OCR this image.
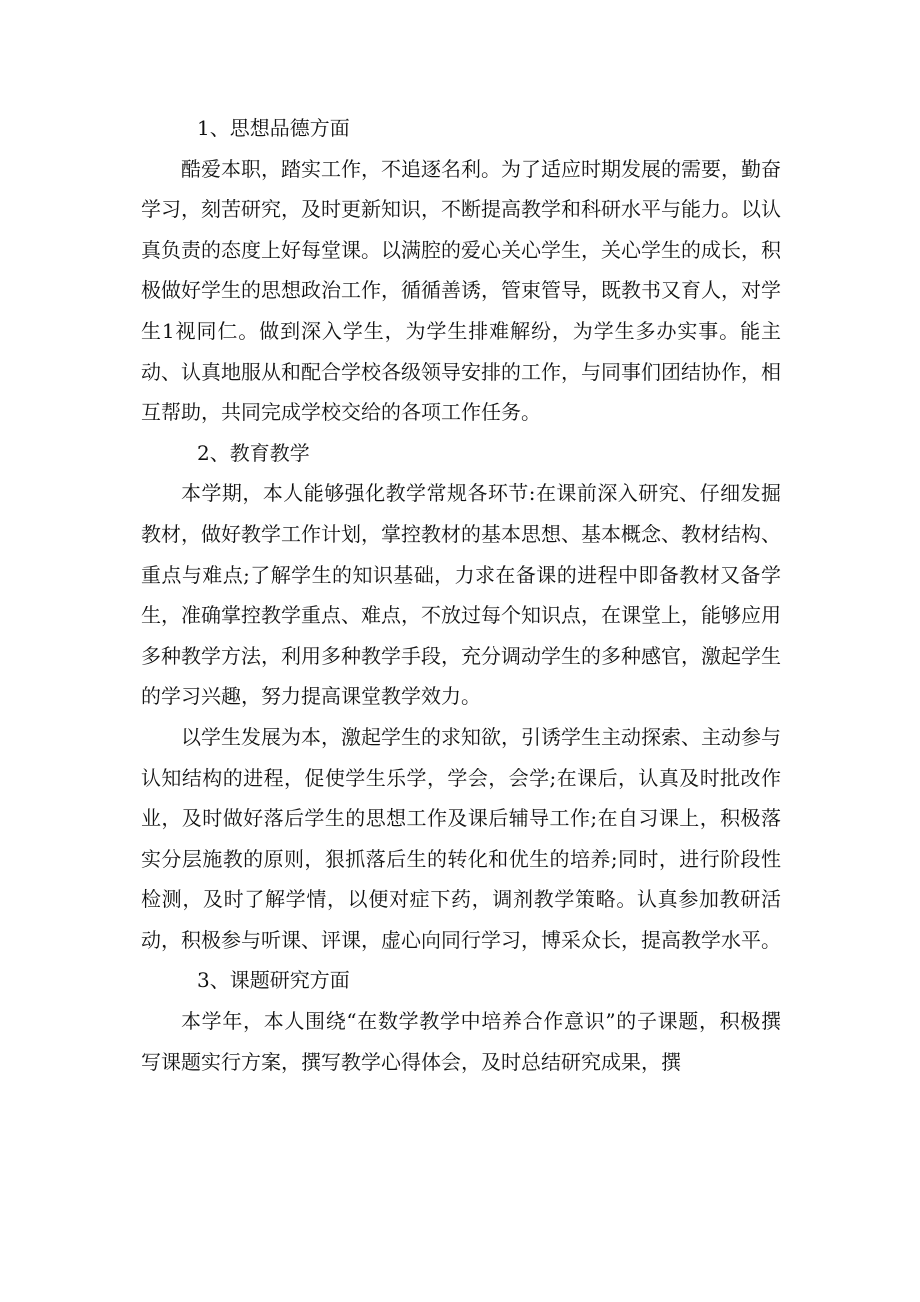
1、思想品德方面

酷爱本职，踏实工作，不追逐名利。为了适应时期发展的需要，勤奋学习，刻苦研究，及时更新知识，不断提高教学和科研水平与能力。以认真负责的态度上好每堂课。以满腔的爱心关心学生，关心学生的成长，积极做好学生的思想政治工作，循循善诱，管束管导，既教书又育人，对学生1视同仁。做到深入学生，为学生排难解纷，为学生多办实事。能主动、认真地服从和配合学校各级领导安排的工作，与同事们团结协作，相互帮助，共同完成学校交给的各项工作任务。

2、教育教学

本学期，本人能够强化教学常规各环节:在课前深入研究、仔细发掘教材，做好教学工作计划，掌控教材的基本思想、基本概念、教材结构、重点与难点;了解学生的知识基础，力求在备课的进程中即备教材又备学生，准确掌控教学重点、难点，不放过每个知识点，在课堂上，能够应用多种教学方法，利用多种教学手段，充分调动学生的多种感官，激起学生的学习兴趣，努力提高课堂教学效力。

以学生发展为本，激起学生的求知欲，引诱学生主动探索、主动参与认知结构的进程，促使学生乐学，学会，会学;在课后，认真及时批改作业，及时做好落后学生的思想工作及课后辅导工作;在自习课上，积极落实分层施教的原则，狠抓落后生的转化和优生的培养;同时，进行阶段性检测，及时了解学情，以便对症下药，调剂教学策略。认真参加教研活动，积极参与听课、评课，虚心向同行学习，博采众长，提高教学水平。

3、课题研究方面

本学年，本人围绕“在数学教学中培养合作意识”的子课题，积极撰写课题实行方案，撰写教学心得体会，及时总结研究成果，撰
